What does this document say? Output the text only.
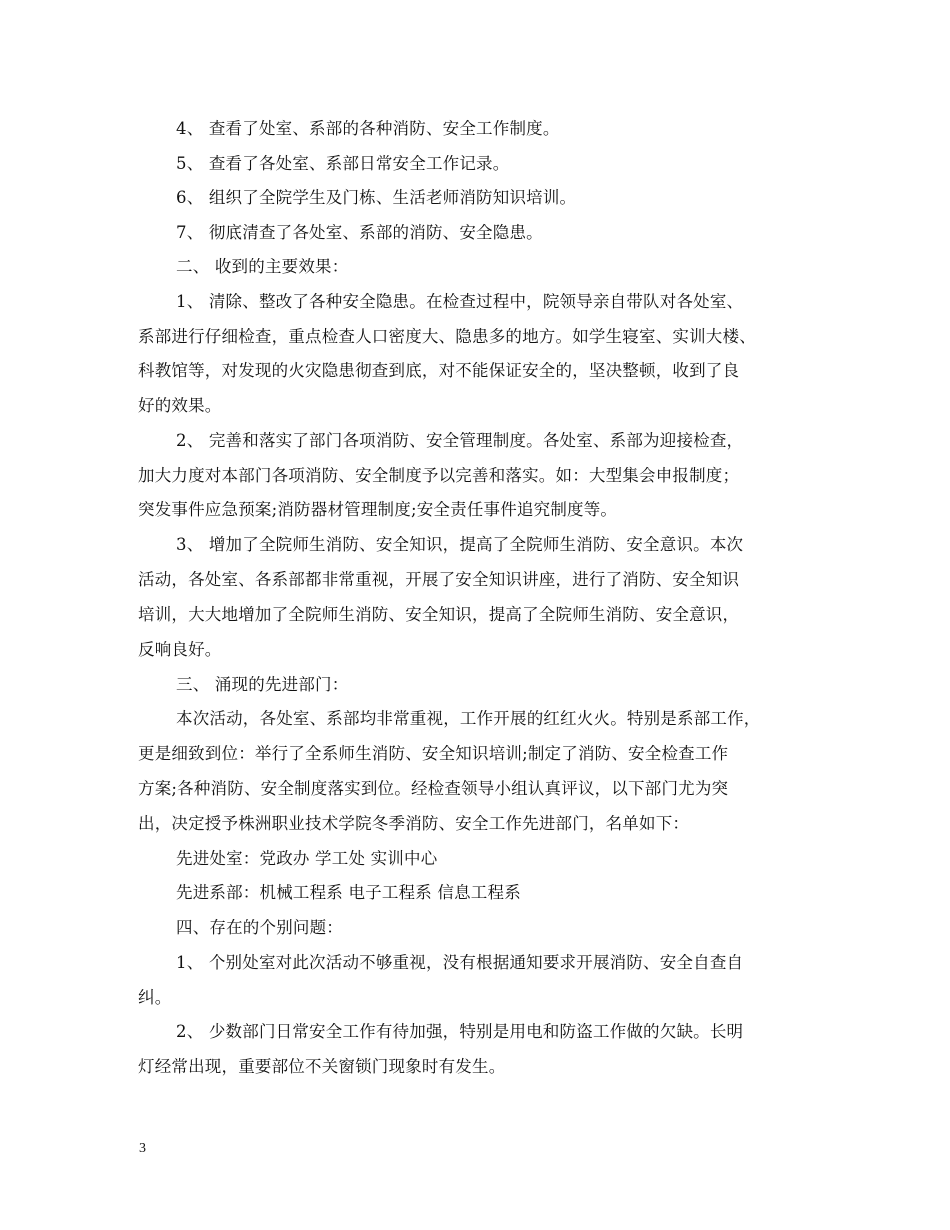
4、 查看了处室、系部的各种消防、安全工作制度。
5、 查看了各处室、系部日常安全工作记录。
6、 组织了全院学生及门栋、生活老师消防知识培训。
7、 彻底清查了各处室、系部的消防、安全隐患。
二、 收到的主要效果：
1、 清除、整改了各种安全隐患。在检查过程中，院领导亲自带队对各处室、
系部进行仔细检查，重点检查人口密度大、隐患多的地方。如学生寝室、实训大楼、
科教馆等，对发现的火灾隐患彻查到底，对不能保证安全的，坚决整顿，收到了良
好的效果。
2、 完善和落实了部门各项消防、安全管理制度。各处室、系部为迎接检查，
加大力度对本部门各项消防、安全制度予以完善和落实。如：大型集会申报制度；
突发事件应急预案;消防器材管理制度;安全责任事件追究制度等。
3、 增加了全院师生消防、安全知识，提高了全院师生消防、安全意识。本次
活动，各处室、各系部都非常重视，开展了安全知识讲座，进行了消防、安全知识
培训，大大地增加了全院师生消防、安全知识，提高了全院师生消防、安全意识，
反响良好。
三、 涌现的先进部门：
本次活动，各处室、系部均非常重视，工作开展的红红火火。特别是系部工作，
更是细致到位：举行了全系师生消防、安全知识培训;制定了消防、安全检查工作
方案;各种消防、安全制度落实到位。经检查领导小组认真评议，以下部门尤为突
出，决定授予株洲职业技术学院冬季消防、安全工作先进部门，名单如下：
先进处室：党政办 学工处 实训中心
先进系部：机械工程系 电子工程系 信息工程系
四、存在的个别问题：
1、 个别处室对此次活动不够重视，没有根据通知要求开展消防、安全自查自
纠。
2、 少数部门日常安全工作有待加强，特别是用电和防盗工作做的欠缺。长明
灯经常出现，重要部位不关窗锁门现象时有发生。
3
